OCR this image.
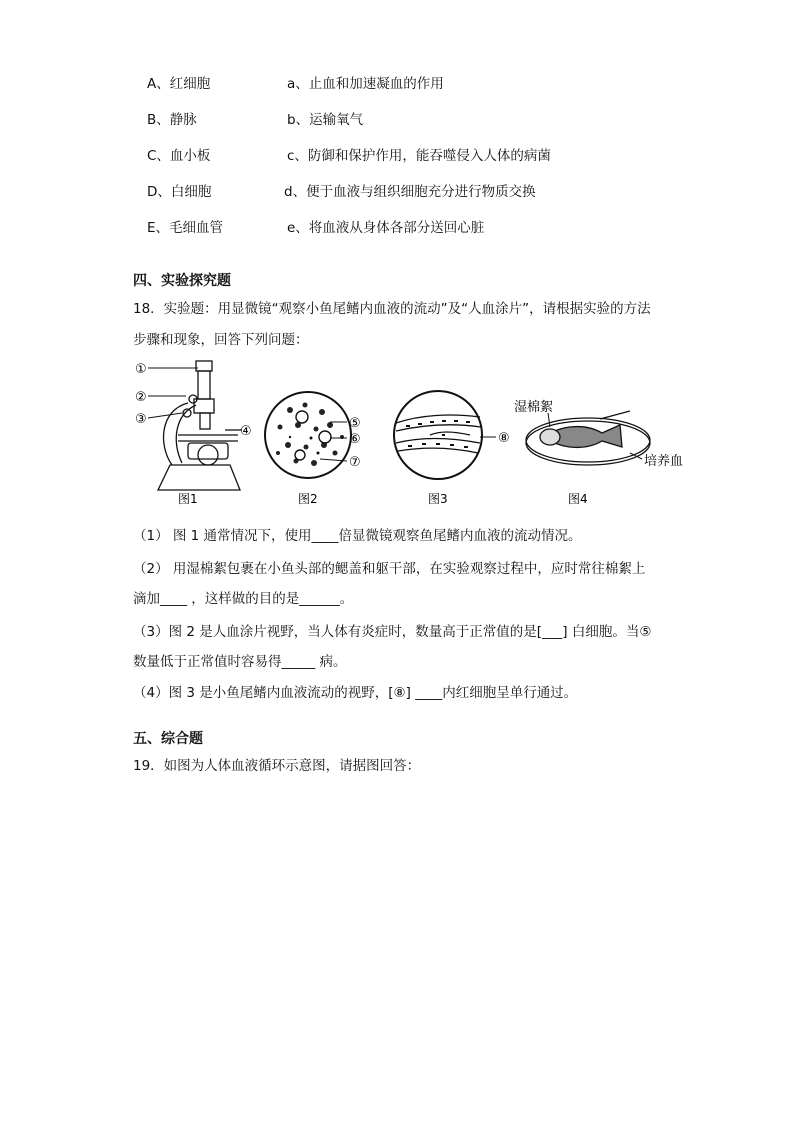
A、红细胞	a、止血和加速凝血的作用
B、静脉	b、运输氧气
C、血小板	c、防御和保护作用，能吞噬侵入人体的病菌
D、白细胞	d、便于血液与组织细胞充分进行物质交换
E、毛细血管	e、将血液从身体各部分送回心脏
四、实验探究题
18．实验题：用显微镜“观察小鱼尾鳍内血液的流动”及“人血涂片”，请根据实验的方法
步骤和现象，回答下列问题：
①
②
③
④
⑤
⑥
⑦
⑧
湿棉絮
培养血
图1	图2	图3	图4
（1） 图 1 通常情况下，使用____倍显微镜观察鱼尾鳍内血液的流动情况。
（2） 用湿棉絮包裹在小鱼头部的鳃盖和躯干部，在实验观察过程中，应时常往棉絮上
滴加____ ，这样做的目的是______。
（3）图 2 是人血涂片视野，当人体有炎症时，数量高于正常值的是[___] 白细胞。当⑤
数量低于正常值时容易得_____ 病。
（4）图 3 是小鱼尾鳍内血液流动的视野，[⑧] ____内红细胞呈单行通过。
五、综合题
19．如图为人体血液循环示意图，请据图回答：
